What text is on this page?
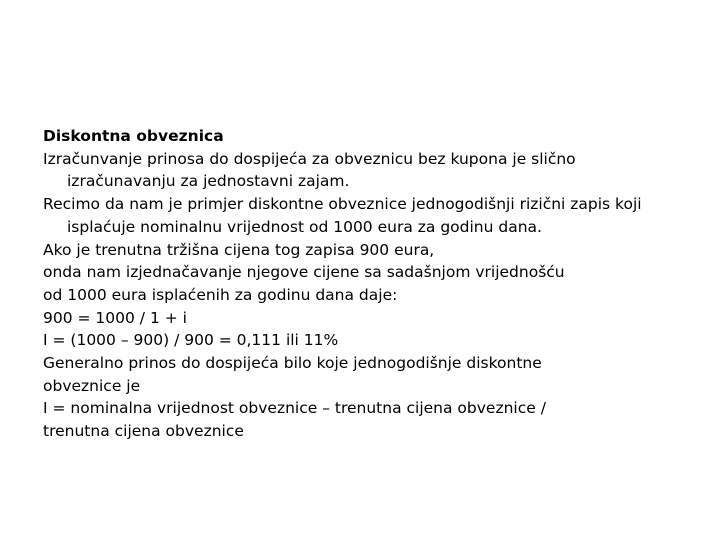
Diskontna obveznica

Izračunvanje prinosa do dospijeća za obveznicu bez kupona je slično
izračunavanju za jednostavni zajam.

Recimo da nam je primjer diskontne obveznice jednogodišnji rizični zapis koji
isplaćuje nominalnu vrijednost od 1000 eura za godinu dana.

Ako je trenutna tržišna cijena tog zapisa 900 eura,

onda nam izjednačavanje njegove cijene sa sadašnjom vrijednošću

od 1000 eura isplaćenih za godinu dana daje:

900 = 1000 / 1 + i

I = (1000 – 900) / 900 = 0,111 ili 11%

Generalno prinos do dospijeća bilo koje jednogodišnje diskontne

obveznice je

I = nominalna vrijednost obveznice – trenutna cijena obveznice /

trenutna cijena obveznice
